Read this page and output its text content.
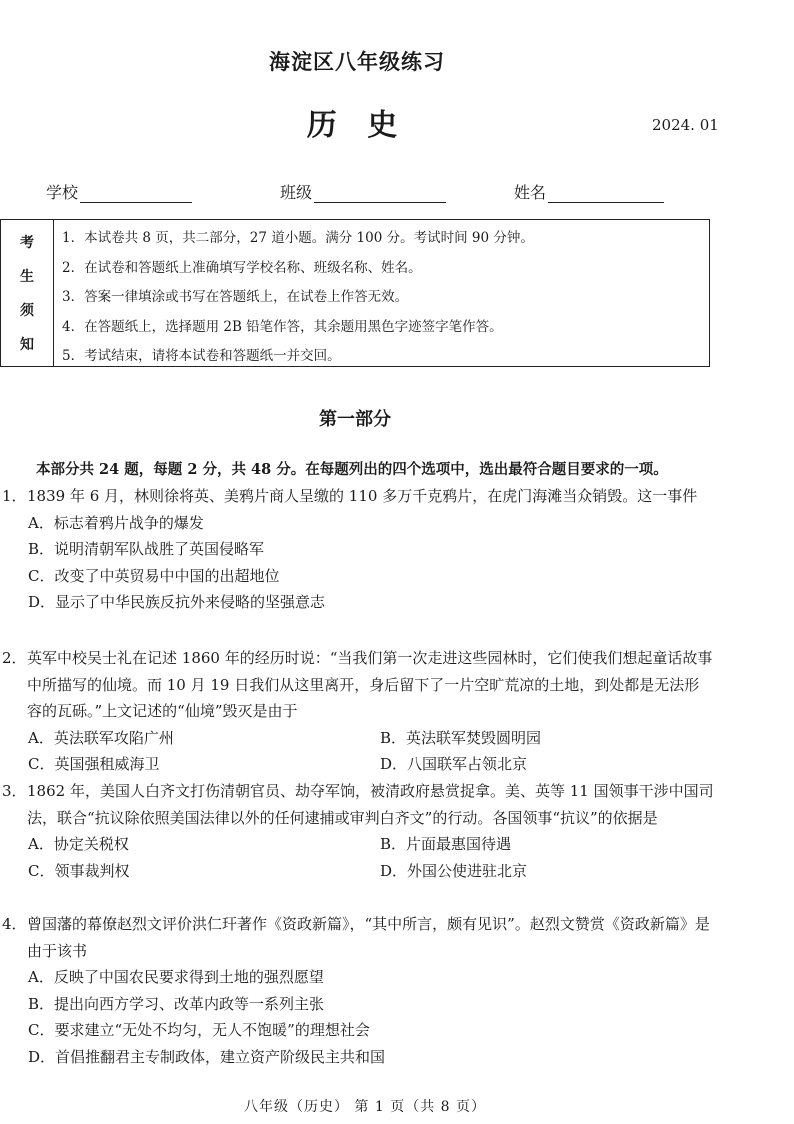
海淀区八年级练习
历 史	2024. 01
学校	班级	姓名
考
生
须
知
1．本试卷共 8 页，共二部分，27 道小题。满分 100 分。考试时间 90 分钟。
2．在试卷和答题纸上准确填写学校名称、班级名称、姓名。
3．答案一律填涂或书写在答题纸上，在试卷上作答无效。
4．在答题纸上，选择题用 2B 铅笔作答，其余题用黑色字迹签字笔作答。
5．考试结束，请将本试卷和答题纸一并交回。
第一部分
本部分共 24 题，每题 2 分，共 48 分。在每题列出的四个选项中，选出最符合题目要求的一项。
1． 1839 年 6 月，林则徐将英、美鸦片商人呈缴的 110 多万千克鸦片，在虎门海滩当众销毁。这一事件
A．标志着鸦片战争的爆发
B．说明清朝军队战胜了英国侵略军
C．改变了中英贸易中中国的出超地位
D．显示了中华民族反抗外来侵略的坚强意志
2． 英军中校吴士礼在记述 1860 年的经历时说：“当我们第一次走进这些园林时，它们使我们想起童话故事中所描写的仙境。而 10 月 19 日我们从这里离开，身后留下了一片空旷荒凉的土地，到处都是无法形容的瓦砾。”上文记述的“仙境”毁灭是由于
A．英法联军攻陷广州	B．英法联军焚毁圆明园
C．英国强租威海卫	D．八国联军占领北京
3． 1862 年，美国人白齐文打伤清朝官员、劫夺军饷，被清政府悬赏捉拿。美、英等 11 国领事干涉中国司法，联合“抗议除依照美国法律以外的任何逮捕或审判白齐文”的行动。各国领事“抗议”的依据是
A．协定关税权	B．片面最惠国待遇
C．领事裁判权	D．外国公使进驻北京
4． 曾国藩的幕僚赵烈文评价洪仁玕著作《资政新篇》，“其中所言，颇有见识”。赵烈文赞赏《资政新篇》是由于该书
A．反映了中国农民要求得到土地的强烈愿望
B．提出向西方学习、改革内政等一系列主张
C．要求建立“无处不均匀，无人不饱暖”的理想社会
D．首倡推翻君主专制政体，建立资产阶级民主共和国
八年级（历史） 第 1 页（共 8 页）
